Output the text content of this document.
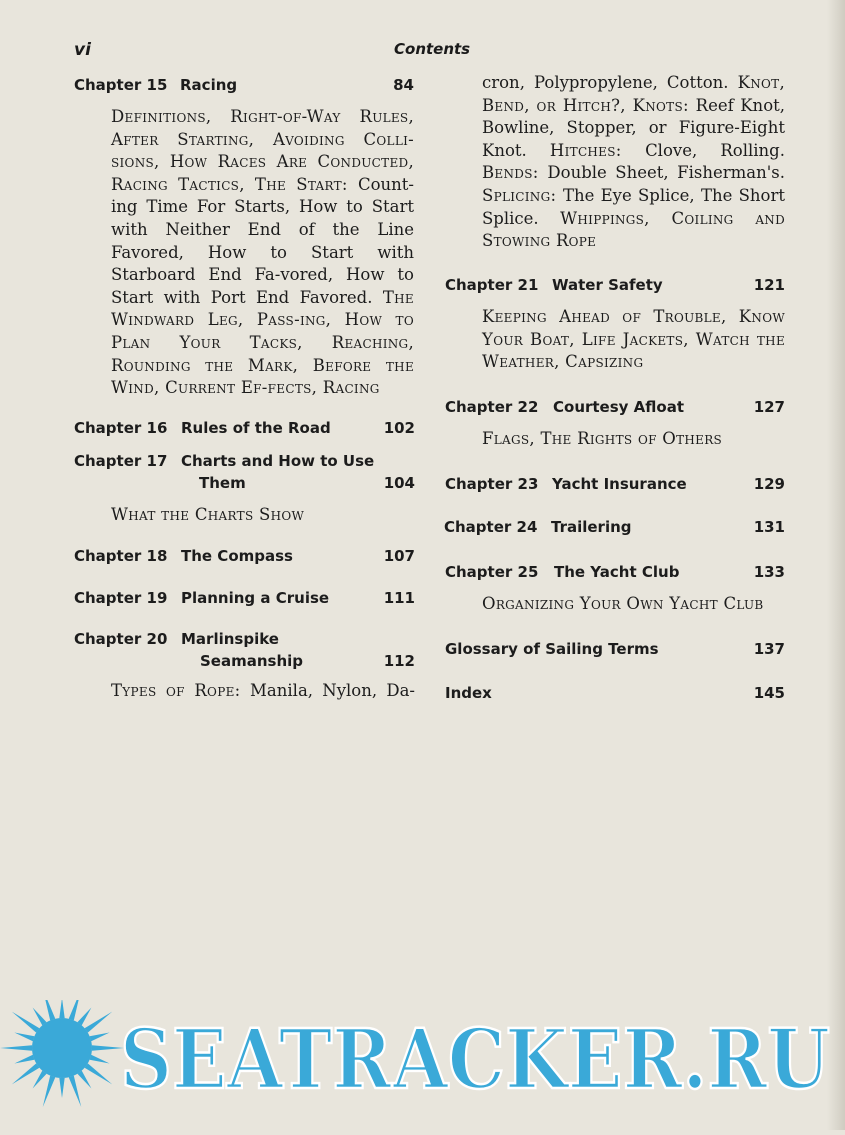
vi	Contents
Chapter 15 Racing	84
Definitions, Right-of-Way Rules, After Starting, Avoiding Colli-sions, How Races Are Conducted, Racing Tactics, The Start: Count-ing Time For Starts, How to Start with Neither End of the Line Favored, How to Start with Starboard End Fa-vored, How to Start with Port End Favored. The Windward Leg, Pass-ing, How to Plan Your Tacks, Reaching, Rounding the Mark, Before the Wind, Current Ef-fects, Racing
Chapter 16 Rules of the Road	102
Chapter 17 Charts and How to Use
Them	104
What the Charts Show
Chapter 18 The Compass	107
Chapter 19 Planning a Cruise	111
Chapter 20 Marlinspike
Seamanship	112
Types of Rope: Manila, Nylon, Da-
cron, Polypropylene, Cotton. Knot, Bend, or Hitch?, Knots: Reef Knot, Bowline, Stopper, or Figure-Eight Knot. Hitches: Clove, Rolling. Bends: Double Sheet, Fisherman's. Splicing: The Eye Splice, The Short Splice. Whippings, Coiling and Stowing Rope
Chapter 21 Water Safety	121
Keeping Ahead of Trouble, Know Your Boat, Life Jackets, Watch the Weather, Capsizing
Chapter 22 Courtesy Afloat	127
Flags, The Rights of Others
Chapter 23 Yacht Insurance	129
Chapter 24 Trailering	131
Chapter 25 The Yacht Club	133
Organizing Your Own Yacht Club
Glossary of Sailing Terms	137
Index	145
SEATRACKER.RU
